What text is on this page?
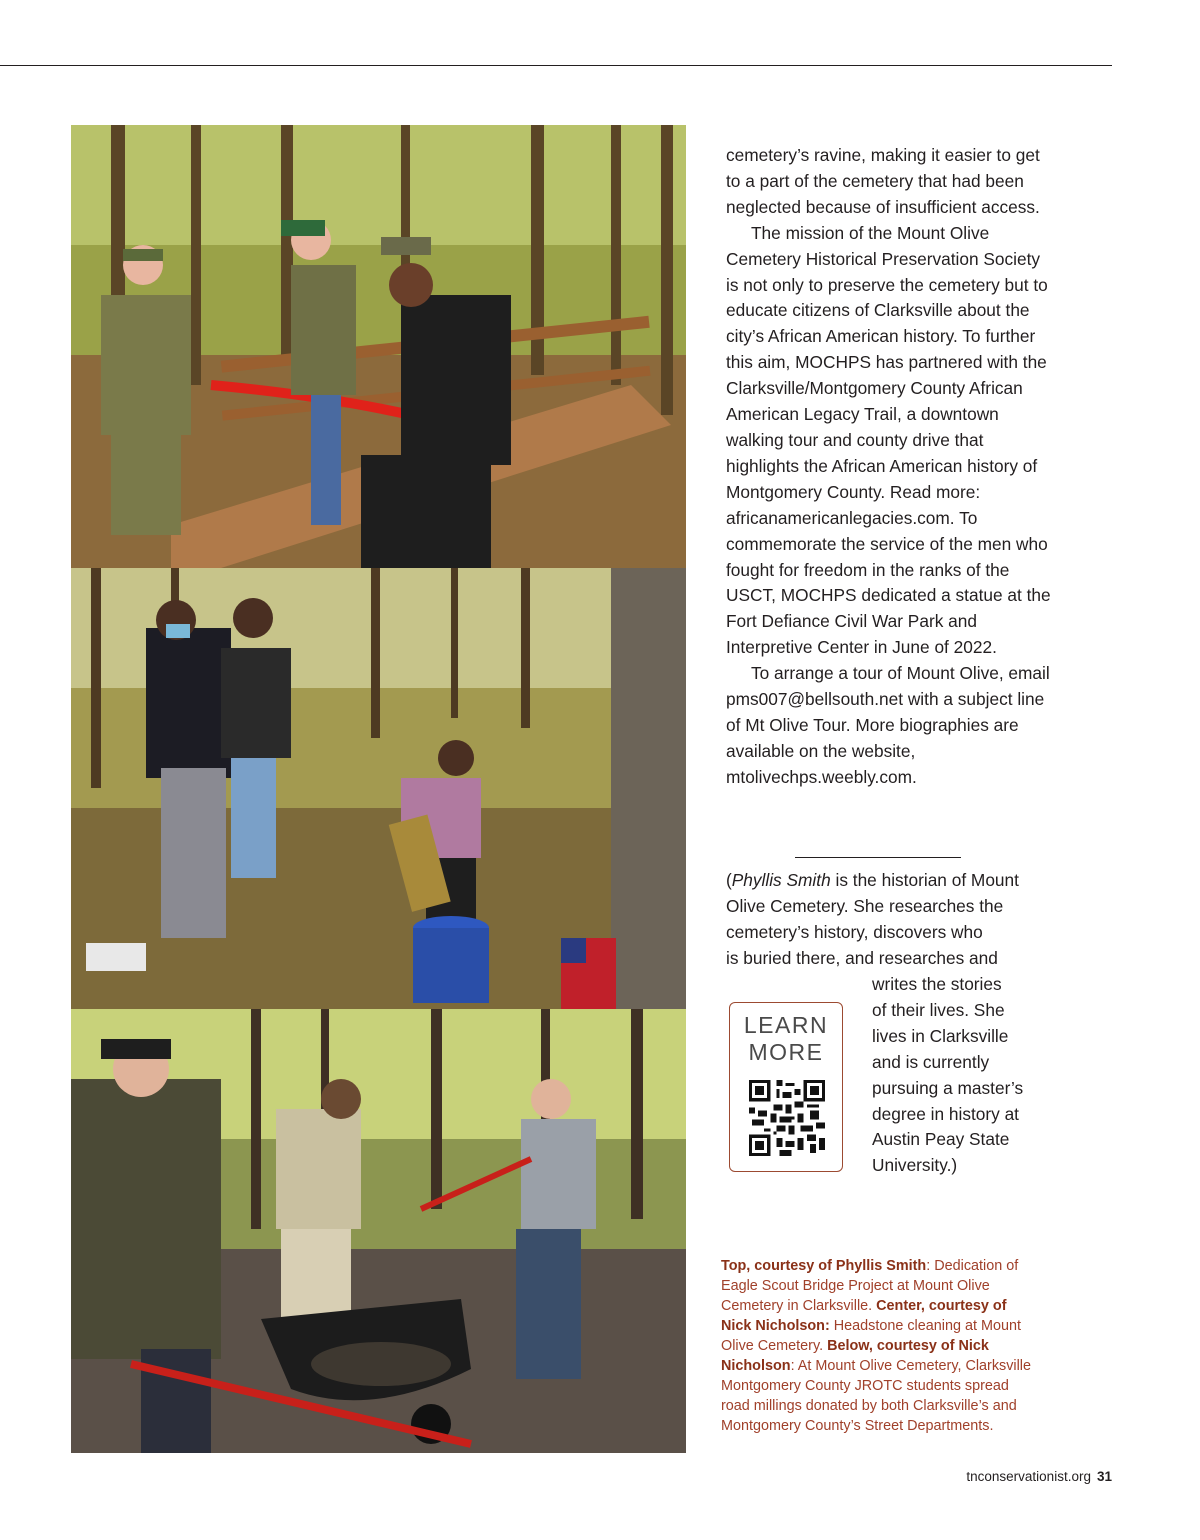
cemetery’s ravine, making it easier to get to a part of the cemetery that had been neglected because of insufficient access.

The mission of the Mount Olive Cemetery Historical Preservation Society is not only to preserve the cemetery but to educate citizens of Clarksville about the city’s African American history. To further this aim, MOCHPS has partnered with the Clarksville/Montgomery County African American Legacy Trail, a downtown walking tour and county drive that highlights the African American history of Montgomery County. Read more: africanamericanlegacies.com. To commemorate the service of the men who fought for freedom in the ranks of the USCT, MOCHPS dedicated a statue at the Fort Defiance Civil War Park and Interpretive Center in June of 2022.

To arrange a tour of Mount Olive, email pms007@bellsouth.net with a subject line of Mt Olive Tour. More biographies are available on the website, mtolivechps.weebly.com.

(Phyllis Smith is the historian of Mount
Olive Cemetery. She researches the
cemetery’s history, discovers who
is buried there, and researches and
writes the stories
of their lives. She
lives in Clarksville
and is currently
pursuing a master’s
degree in history at
Austin Peay State
University.)
LEARN
MORE
Top, courtesy of Phyllis Smith: Dedication of Eagle Scout Bridge Project at Mount Olive Cemetery in Clarksville. Center, courtesy of Nick Nicholson: Headstone cleaning at Mount Olive Cemetery. Below, courtesy of Nick Nicholson: At Mount Olive Cemetery, Clarksville Montgomery County JROTC students spread road millings donated by both Clarksville’s and Montgomery County’s Street Departments.
tnconservationist.org 31
